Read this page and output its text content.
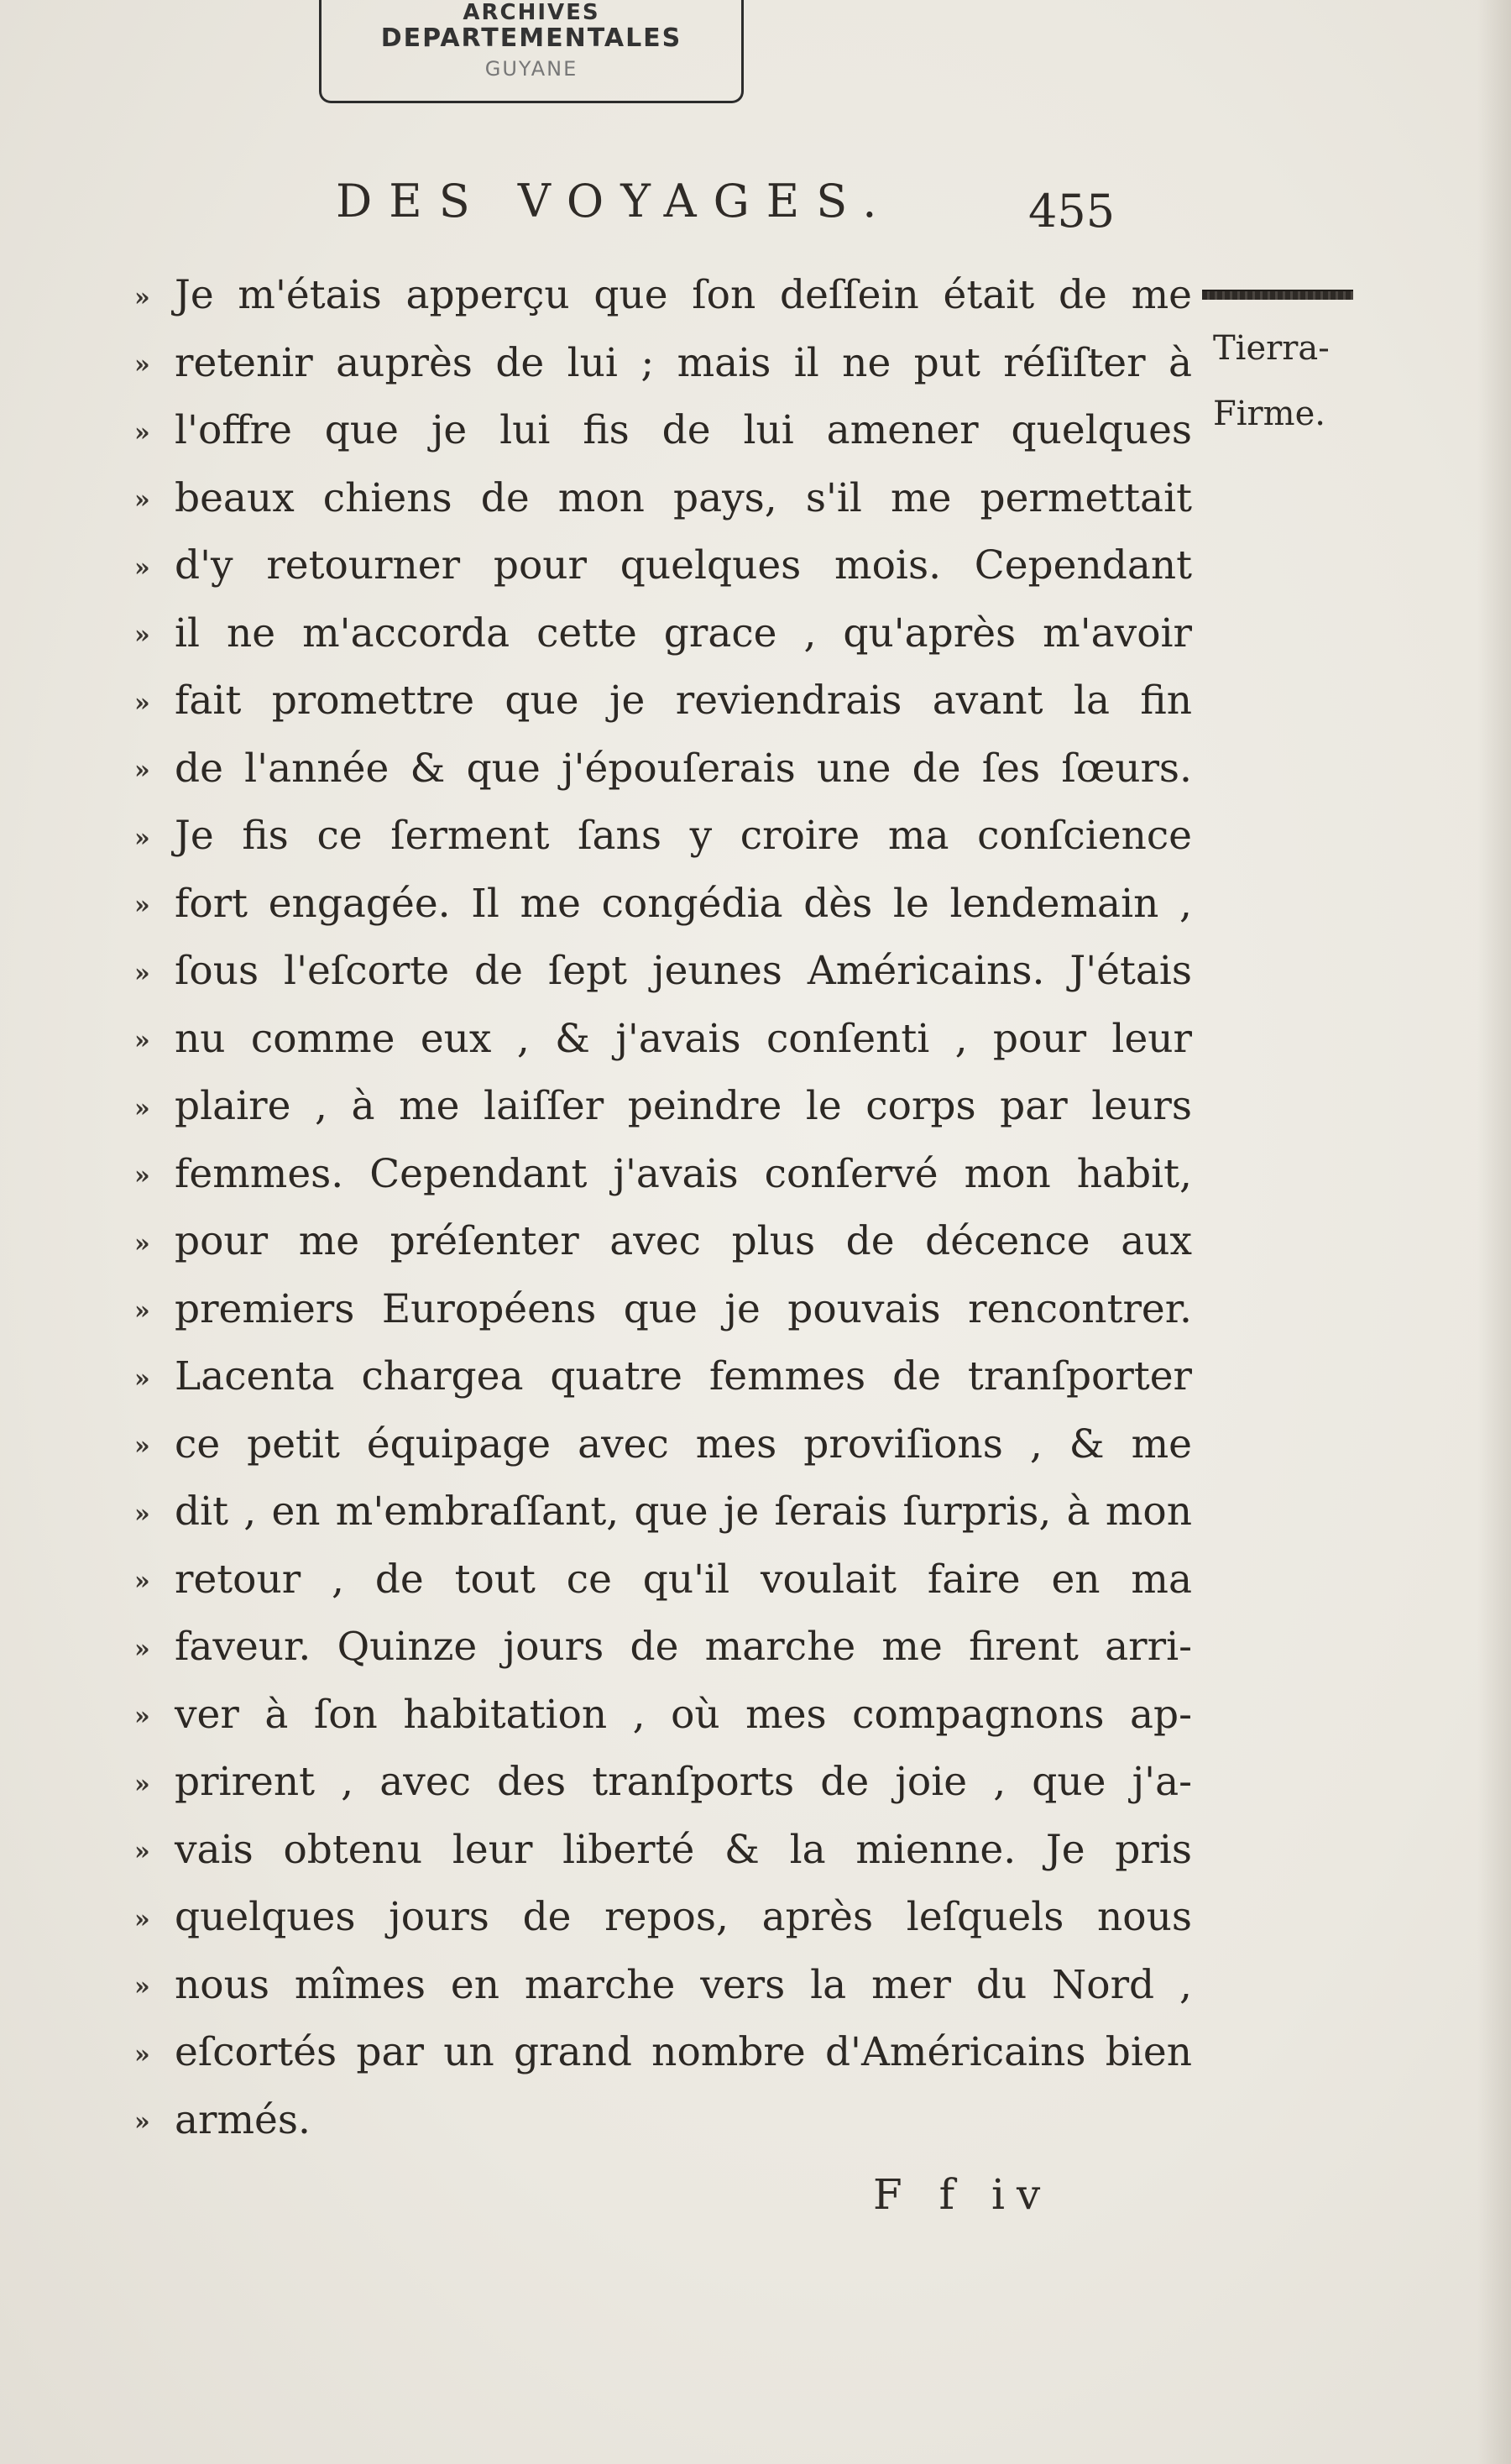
ARCHIVES
DEPARTEMENTALES
GUYANE
DES VOYAGES.	455
Tierra-
Firme.
» Je m'étais apperçu que ſon deſſein était de me
» retenir auprès de lui ; mais il ne put réſiſter à
» l'offre que je lui fis de lui amener quelques
» beaux chiens de mon pays, s'il me permettait
» d'y retourner pour quelques mois. Cependant
» il ne m'accorda cette grace , qu'après m'avoir
» fait promettre que je reviendrais avant la fin
» de l'année & que j'épouſerais une de ſes ſœurs.
» Je fis ce ſerment ſans y croire ma conſcience
» fort engagée. Il me congédia dès le lendemain ,
» ſous l'eſcorte de ſept jeunes Américains. J'étais
» nu comme eux , & j'avais conſenti , pour leur
» plaire , à me laiſſer peindre le corps par leurs
» femmes. Cependant j'avais conſervé mon habit,
» pour me préſenter avec plus de décence aux
» premiers Européens que je pouvais rencontrer.
» Lacenta chargea quatre femmes de tranſporter
» ce petit équipage avec mes proviſions , & me
» dit , en m'embraſſant, que je ſerais ſurpris, à mon
» retour , de tout ce qu'il voulait faire en ma
» faveur. Quinze jours de marche me firent arri-
» ver à ſon habitation , où mes compagnons ap-
» prirent , avec des tranſports de joie , que j'a-
» vais obtenu leur liberté & la mienne. Je pris
» quelques jours de repos, après leſquels nous
» nous mîmes en marche vers la mer du Nord ,
» eſcortés par un grand nombre d'Américains bien
» armés.
F f iv
